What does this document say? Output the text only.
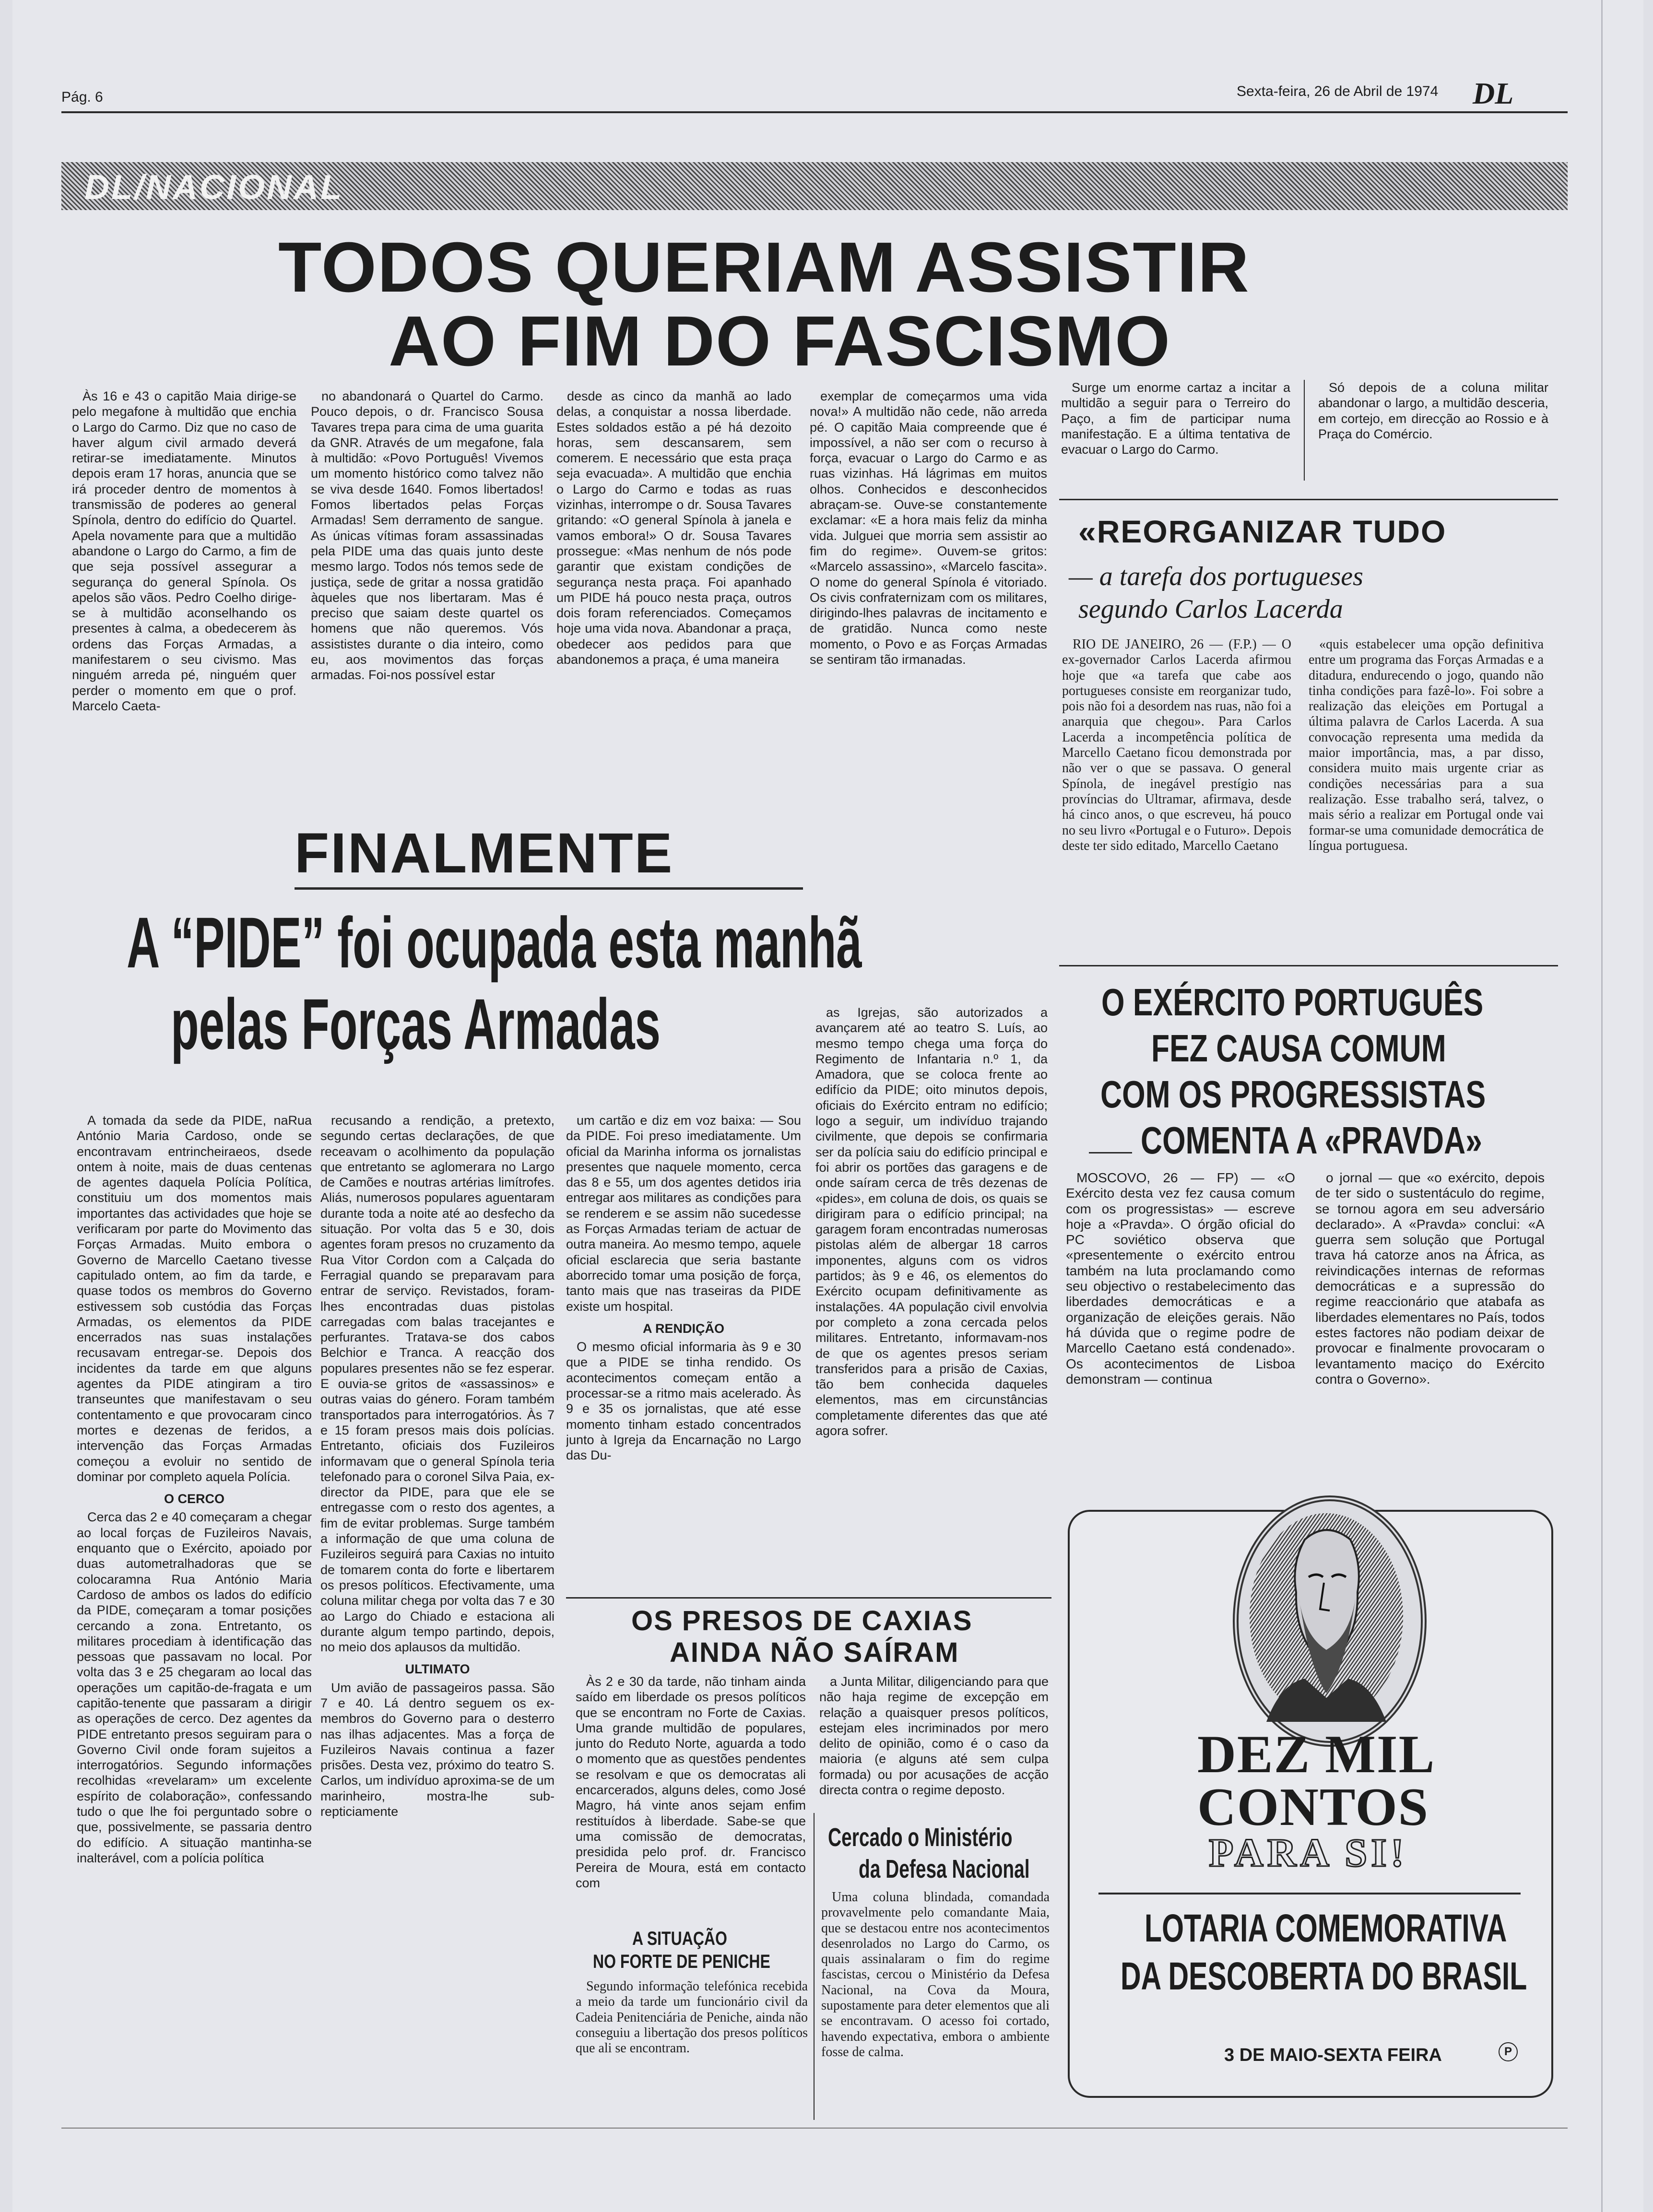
Pág. 6	Sexta-feira, 26 de Abril de 1974 DL
DL/NACIONAL
TODOS QUERIAM ASSISTIR
AO FIM DO FASCISMO

Às 16 e 43 o capitão Maia dirige-se pelo megafone à multidão que enchia o Largo do Carmo. Diz que no caso de haver algum civil armado deverá retirar-se imediatamente. Minutos depois eram 17 horas, anuncia que se irá proceder dentro de momentos à transmissão de poderes ao general Spínola, dentro do edifício do Quartel. Apela novamente para que a multidão abandone o Largo do Carmo, a fim de que seja possível assegurar a segurança do general Spínola. Os apelos são vãos. Pedro Coelho dirige-se à multidão aconselhando os presentes à calma, a obedecerem às ordens das Forças Armadas, a manifestarem o seu civismo. Mas ninguém arreda pé, ninguém quer perder o momento em que o prof. Marcelo Caeta-

no abandonará o Quartel do Carmo. Pouco depois, o dr. Francisco Sousa Tavares trepa para cima de uma guarita da GNR. Através de um megafone, fala à multidão: «Povo Português! Vivemos um momento histórico como talvez não se viva desde 1640. Fomos libertados! Fomos libertados pelas Forças Armadas! Sem derramento de sangue. As únicas vítimas foram assassinadas pela PIDE uma das quais junto deste mesmo largo. Todos nós temos sede de justiça, sede de gritar a nossa gratidão àqueles que nos libertaram. Mas é preciso que saiam deste quartel os homens que não queremos. Vós assististes durante o dia inteiro, como eu, aos movimentos das forças armadas. Foi-nos possível estar

desde as cinco da manhã ao lado delas, a conquistar a nossa liberdade. Estes soldados estão a pé há dezoito horas, sem descansarem, sem comerem. E necessário que esta praça seja evacuada». A multidão que enchia o Largo do Carmo e todas as ruas vizinhas, interrompe o dr. Sousa Tavares gritando: «O general Spínola à janela e vamos embora!» O dr. Sousa Tavares prossegue: «Mas nenhum de nós pode garantir que existam condições de segurança nesta praça. Foi apanhado um PIDE há pouco nesta praça, outros dois foram referenciados. Começamos hoje uma vida nova. Abandonar a praça, obedecer aos pedidos para que abandonemos a praça, é uma maneira

exemplar de começarmos uma vida nova!» A multidão não cede, não arreda pé. O capitão Maia compreende que é impossível, a não ser com o recurso à força, evacuar o Largo do Carmo e as ruas vizinhas. Há lágrimas em muitos olhos. Conhecidos e desconhecidos abraçam-se. Ouve-se constantemente exclamar: «E a hora mais feliz da minha vida. Julguei que morria sem assistir ao fim do regime». Ouvem-se gritos: «Marcelo assassino», «Marcelo fascita». O nome do general Spínola é vitoriado. Os civis confraternizam com os militares, dirigindo-lhes palavras de incitamento e de gratidão. Nunca como neste momento, o Povo e as Forças Armadas se sentiram tão irmanadas.

Surge um enorme cartaz a incitar a multidão a seguir para o Terreiro do Paço, a fim de participar numa manifestação. E a última tentativa de evacuar o Largo do Carmo.

Só depois de a coluna militar abandonar o largo, a multidão desceria, em cortejo, em direcção ao Rossio e à Praça do Comércio.

«REORGANIZAR TUDO
— a tarefa dos portugueses
segundo Carlos Lacerda

RIO DE JANEIRO, 26 — (F.P.) — O ex-governador Carlos Lacerda afirmou hoje que «a tarefa que cabe aos portugueses consiste em reorganizar tudo, pois não foi a desordem nas ruas, não foi a anarquia que chegou». Para Carlos Lacerda a incompetência política de Marcello Caetano ficou demonstrada por não ver o que se passava. O general Spínola, de inegável prestígio nas províncias do Ultramar, afirmava, desde há cinco anos, o que escreveu, há pouco no seu livro «Portugal e o Futuro». Depois deste ter sido editado, Marcello Caetano

«quis estabelecer uma opção definitiva entre um programa das Forças Armadas e a ditadura, endurecendo o jogo, quando não tinha condições para fazê-lo». Foi sobre a realização das eleições em Portugal a última palavra de Carlos Lacerda. A sua convocação representa uma medida da maior importância, mas, a par disso, considera muito mais urgente criar as condições necessárias para a sua realização. Esse trabalho será, talvez, o mais sério a realizar em Portugal onde vai formar-se uma comunidade democrática de língua portuguesa.

FINALMENTE
A “PIDE” foi ocupada esta manhã
pelas Forças Armadas

A tomada da sede da PIDE, naRua António Maria Cardoso, onde se encontravam entrincheiraeos, dsede ontem à noite, mais de duas centenas de agentes daquela Polícia Política, constituiu um dos momentos mais importantes das actividades que hoje se verificaram por parte do Movimento das Forças Armadas. Muito embora o Governo de Marcello Caetano tivesse capitulado ontem, ao fim da tarde, e quase todos os membros do Governo estivessem sob custódia das Forças Armadas, os elementos da PIDE encerrados nas suas instalações recusavam entregar-se. Depois dos incidentes da tarde em que alguns agentes da PIDE atingiram a tiro transeuntes que manifestavam o seu contentamento e que provocaram cinco mortes e dezenas de feridos, a intervenção das Forças Armadas começou a evoluir no sentido de dominar por completo aquela Polícia.

O CERCO

Cerca das 2 e 40 começaram a chegar ao local forças de Fuzileiros Navais, enquanto que o Exército, apoiado por duas autometralhadoras que se colocaramna Rua António Maria Cardoso de ambos os lados do edifício da PIDE, começaram a tomar posições cercando a zona. Entretanto, os militares procediam à identificação das pessoas que passavam no local. Por volta das 3 e 25 chegaram ao local das operações um capitão-de-fragata e um capitão-tenente que passaram a dirigir as operações de cerco. Dez agentes da PIDE entretanto presos seguiram para o Governo Civil onde foram sujeitos a interrogatórios. Segundo informações recolhidas «revelaram» um excelente espírito de colaboração», confessando tudo o que lhe foi perguntado sobre o que, possivelmente, se passaria dentro do edifício. A situação mantinha-se inalterável, com a polícia política

recusando a rendição, a pretexto, segundo certas declarações, de que receavam o acolhimento da população que entretanto se aglomerara no Largo de Camões e noutras artérias limítrofes. Aliás, numerosos populares aguentaram durante toda a noite até ao desfecho da situação. Por volta das 5 e 30, dois agentes foram presos no cruzamento da Rua Vitor Cordon com a Calçada do Ferragial quando se preparavam para entrar de serviço. Revistados, foram-lhes encontradas duas pistolas carregadas com balas tracejantes e perfurantes. Tratava-se dos cabos Belchior e Tranca. A reacção dos populares presentes não se fez esperar. E ouvia-se gritos de «assassinos» e outras vaias do género. Foram também transportados para interrogatórios. Às 7 e 15 foram presos mais dois polícias. Entretanto, oficiais dos Fuzileiros informavam que o general Spínola teria telefonado para o coronel Silva Paia, ex-director da PIDE, para que ele se entregasse com o resto dos agentes, a fim de evitar problemas. Surge também a informação de que uma coluna de Fuzileiros seguirá para Caxias no intuito de tomarem conta do forte e libertarem os presos políticos. Efectivamente, uma coluna militar chega por volta das 7 e 30 ao Largo do Chiado e estaciona ali durante algum tempo partindo, depois, no meio dos aplausos da multidão.

ULTIMATO

Um avião de passageiros passa. São 7 e 40. Lá dentro seguem os ex-membros do Governo para o desterro nas ilhas adjacentes. Mas a força de Fuzileiros Navais continua a fazer prisões. Desta vez, próximo do teatro S. Carlos, um indivíduo aproxima-se de um marinheiro, mostra-lhe sub-repticiamente

um cartão e diz em voz baixa: — Sou da PIDE. Foi preso imediatamente. Um oficial da Marinha informa os jornalistas presentes que naquele momento, cerca das 8 e 55, um dos agentes detidos iria entregar aos militares as condições para se renderem e se assim não sucedesse as Forças Armadas teriam de actuar de outra maneira. Ao mesmo tempo, aquele oficial esclarecia que seria bastante aborrecido tomar uma posição de força, tanto mais que nas traseiras da PIDE existe um hospital.

A RENDIÇÃO

O mesmo oficial informaria às 9 e 30 que a PIDE se tinha rendido. Os acontecimentos começam então a processar-se a ritmo mais acelerado. Às 9 e 35 os jornalistas, que até esse momento tinham estado concentrados junto à Igreja da Encarnação no Largo das Du-

as Igrejas, são autorizados a avançarem até ao teatro S. Luís, ao mesmo tempo chega uma força do Regimento de Infantaria n.º 1, da Amadora, que se coloca frente ao edifício da PIDE; oito minutos depois, oficiais do Exército entram no edifício; logo a seguir, um indivíduo trajando civilmente, que depois se confirmaria ser da polícia saiu do edifício principal e foi abrir os portões das garagens e de onde saíram cerca de três dezenas de «pides», em coluna de dois, os quais se dirigiram para o edifício principal; na garagem foram encontradas numerosas pistolas além de albergar 18 carros imponentes, alguns com os vidros partidos; às 9 e 46, os elementos do Exército ocupam definitivamente as instalações. 4A população civil envolvia por completo a zona cercada pelos militares. Entretanto, informavam-nos de que os agentes presos seriam transferidos para a prisão de Caxias, tão bem conhecida daqueles elementos, mas em circunstâncias completamente diferentes das que até agora sofrer.

OS PRESOS DE CAXIAS
AINDA NÃO SAÍRAM

Às 2 e 30 da tarde, não tinham ainda saído em liberdade os presos políticos que se encontram no Forte de Caxias. Uma grande multidão de populares, junto do Reduto Norte, aguarda a todo o momento que as questões pendentes se resolvam e que os democratas ali encarcerados, alguns deles, como José Magro, há vinte anos sejam enfim restituídos à liberdade. Sabe-se que uma comissão de democratas, presidida pelo prof. dr. Francisco Pereira de Moura, está em contacto com

a Junta Militar, diligenciando para que não haja regime de excepção em relação a quaisquer presos políticos, estejam eles incriminados por mero delito de opinião, como é o caso da maioria (e alguns até sem culpa formada) ou por acusações de acção directa contra o regime deposto.

A SITUAÇÃO
NO FORTE DE PENICHE

Segundo informação telefónica recebida a meio da tarde um funcionário civil da Cadeia Penitenciária de Peniche, ainda não conseguiu a libertação dos presos políticos que ali se encontram.

Cercado o Ministério
da Defesa Nacional

Uma coluna blindada, comandada provavelmente pelo comandante Maia, que se destacou entre nos acontecimentos desenrolados no Largo do Carmo, os quais assinalaram o fim do regime fascistas, cercou o Ministério da Defesa Nacional, na Cova da Moura, supostamente para deter elementos que ali se encontravam. O acesso foi cortado, havendo expectativa, embora o ambiente fosse de calma.

O EXÉRCITO PORTUGUÊS
FEZ CAUSA COMUM
COM OS PROGRESSISTAS
COMENTA A «PRAVDA»

MOSCOVO, 26 — FP) — «O Exército desta vez fez causa comum com os progressistas» — escreve hoje a «Pravda». O órgão oficial do PC soviético observa que «presentemente o exército entrou também na luta proclamando como seu objectivo o restabelecimento das liberdades democráticas e a organização de eleições gerais. Não há dúvida que o regime podre de Marcello Caetano está condenado». Os acontecimentos de Lisboa demonstram — continua

o jornal — que «o exército, depois de ter sido o sustentáculo do regime, se tornou agora em seu adversário declarado». A «Pravda» conclui: «A guerra sem solução que Portugal trava há catorze anos na África, as reivindicações internas de reformas democráticas e a supressão do regime reaccionário que atabafa as liberdades elementares no País, todos estes factores não podiam deixar de provocar e finalmente provocaram o levantamento maciço do Exército contra o Governo».

DEZ MIL
CONTOS
PARA SI!
LOTARIA COMEMORATIVA
DA DESCOBERTA DO BRASIL
3 DE MAIO-SEXTA FEIRA	P
